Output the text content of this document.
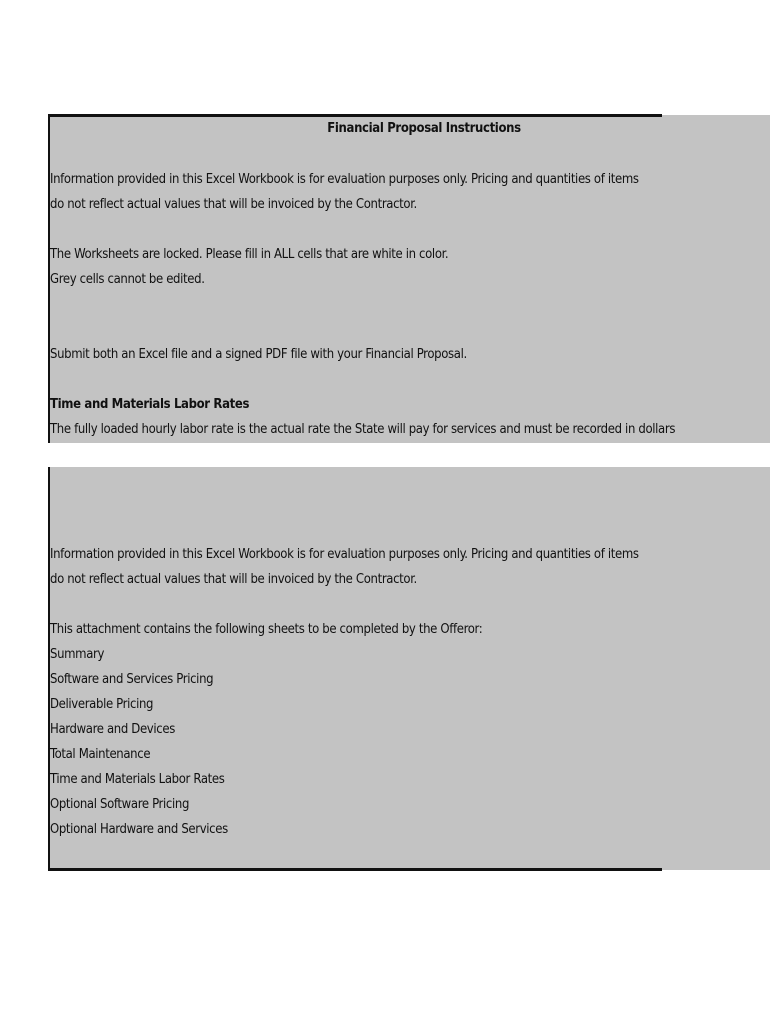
Financial Proposal Instructions
Information provided in this Excel Workbook is for evaluation purposes only. Pricing and quantities of items
do not reflect actual values that will be invoiced by the Contractor.
The Worksheets are locked. Please fill in ALL cells that are white in color.
Grey cells cannot be edited.
Submit both an Excel file and a signed PDF file with your Financial Proposal.
Time and Materials Labor Rates
The fully loaded hourly labor rate is the actual rate the State will pay for services and must be recorded in dollars
Information provided in this Excel Workbook is for evaluation purposes only. Pricing and quantities of items
do not reflect actual values that will be invoiced by the Contractor.
This attachment contains the following sheets to be completed by the Offeror:
Summary
Software and Services Pricing
Deliverable Pricing
Hardware and Devices
Total Maintenance
Time and Materials Labor Rates
Optional Software Pricing
Optional Hardware and Services
